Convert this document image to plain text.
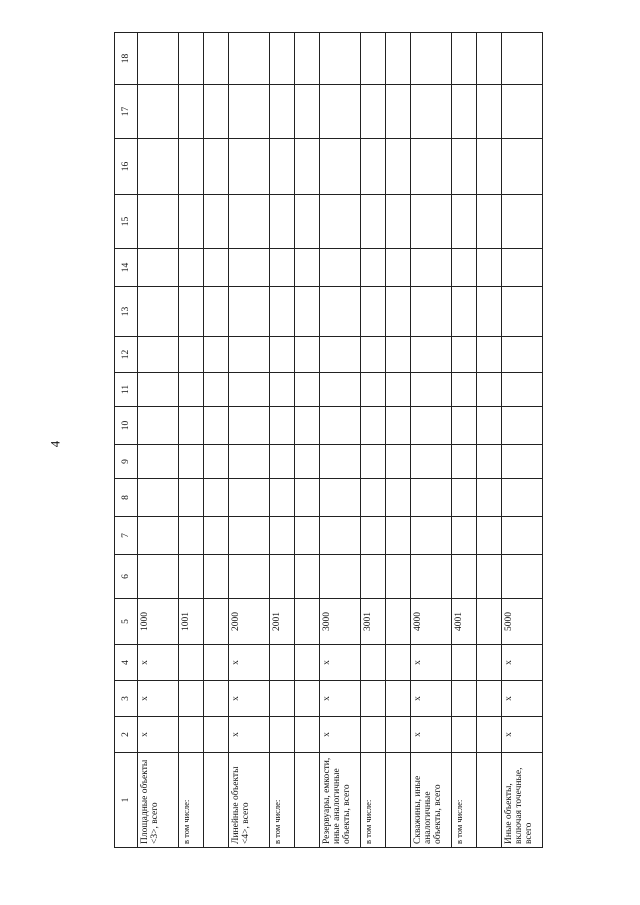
4
1	2	3	4	5	6	7	8	9	10	11	12	13	14	15	16	17	18
Площадные объекты <3>, всего	х	х	х	1000													
в том числе:				1001													

Линейные объекты <4>, всего	х	х	х	2000													
в том числе:				2001													

Резервуары, емкости, иные аналогичные объекты, всего	х	х	х	3000													
в том числе:				3001													

Скважины, иные аналогичные объекты, всего	х	х	х	4000													
в том числе:				4001													

Иные объекты, включая точечные, всего	х	х	х	5000													
